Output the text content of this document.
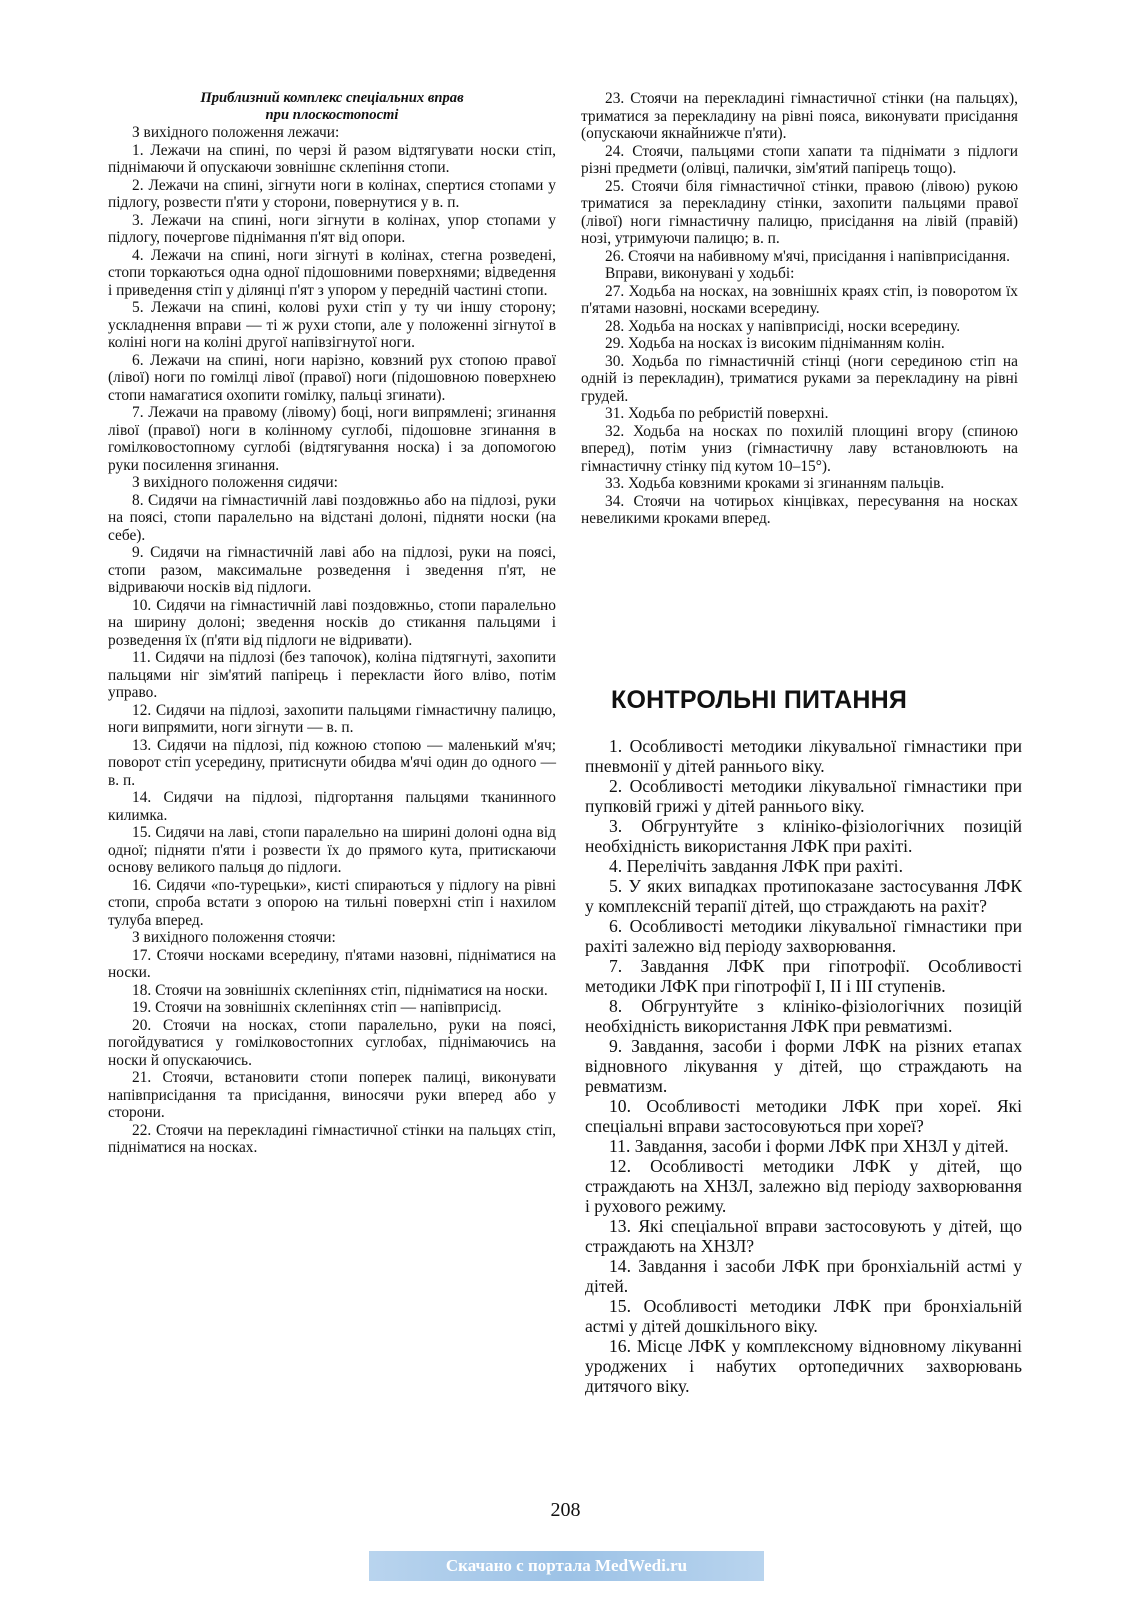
Приблизний комплекс спеціальних вправ

при плоскостопості

З вихідного положення лежачи:

1. Лежачи на спині, по черзі й разом відтягувати носки стіп, піднімаючи й опускаючи зовнішнє склепіння стопи.

2. Лежачи на спині, зігнути ноги в колінах, спертися стопами у підлогу, розвести п'яти у сторони, повернутися у в. п.

3. Лежачи на спині, ноги зігнути в колінах, упор стопами у підлогу, почергове піднімання п'ят від опори.

4. Лежачи на спині, ноги зігнуті в колінах, стегна розведені, стопи торкаються одна одної підошовними поверхнями; відведення і приведення стіп у ділянці п'ят з упором у передній частині стопи.

5. Лежачи на спині, колові рухи стіп у ту чи іншу сторону; ускладнення вправи — ті ж рухи стопи, але у положенні зігнутої в коліні ноги на коліні другої напівзігнутої ноги.

6. Лежачи на спині, ноги нарізно, ковзний рух стопою правої (лівої) ноги по гомілці лівої (правої) ноги (підошовною поверхнею стопи намагатися охопити гомілку, пальці згинати).

7. Лежачи на правому (лівому) боці, ноги випрямлені; згинання лівої (правої) ноги в колінному суглобі, підошовне згинання в гомілковостопному суглобі (відтягування носка) і за допомогою руки посилення згинання.

З вихідного положення сидячи:

8. Сидячи на гімнастичній лаві поздовжньо або на підлозі, руки на поясі, стопи паралельно на відстані долоні, підняти носки (на себе).

9. Сидячи на гімнастичній лаві або на підлозі, руки на поясі, стопи разом, максимальне розведення і зведення п'ят, не відриваючи носків від підлоги.

10. Сидячи на гімнастичній лаві поздовжньо, стопи паралельно на ширину долоні; зведення носків до стикання пальцями і розведення їх (п'яти від підлоги не відривати).

11. Сидячи на підлозі (без тапочок), коліна підтягнуті, захопити пальцями ніг зім'ятий папірець і перекласти його вліво, потім управо.

12. Сидячи на підлозі, захопити пальцями гімнастичну палицю, ноги випрямити, ноги зігнути — в. п.

13. Сидячи на підлозі, під кожною стопою — маленький м'яч; поворот стіп усередину, притиснути обидва м'ячі один до одного — в. п.

14. Сидячи на підлозі, підгортання пальцями тканинного килимка.

15. Сидячи на лаві, стопи паралельно на ширині долоні одна від одної; підняти п'яти і розвести їх до прямого кута, притискаючи основу великого пальця до підлоги.

16. Сидячи «по-турецьки», кисті спираються у підлогу на рівні стопи, спроба встати з опорою на тильні поверхні стіп і нахилом тулуба вперед.

З вихідного положення стоячи:

17. Стоячи носками всередину, п'ятами назовні, підніматися на носки.

18. Стоячи на зовнішніх склепіннях стіп, підніматися на носки.

19. Стоячи на зовнішніх склепіннях стіп — напівприсід.

20. Стоячи на носках, стопи паралельно, руки на поясі, погойдуватися у гомілковостопних суглобах, піднімаючись на носки й опускаючись.

21. Стоячи, встановити стопи поперек палиці, виконувати напівприсідання та присідання, виносячи руки вперед або у сторони.

22. Стоячи на перекладині гімнастичної стінки на пальцях стіп, підніматися на носках.

23. Стоячи на перекладині гімнастичної стінки (на пальцях), триматися за перекладину на рівні пояса, виконувати присідання (опускаючи якнайнижче п'яти).

24. Стоячи, пальцями стопи хапати та піднімати з підлоги різні предмети (олівці, палички, зім'ятий папірець тощо).

25. Стоячи біля гімнастичної стінки, правою (лівою) рукою триматися за перекладину стінки, захопити пальцями правої (лівої) ноги гімнастичну палицю, присідання на лівій (правій) нозі, утримуючи палицю; в. п.

26. Стоячи на набивному м'ячі, присідання і напівприсідання.

Вправи, виконувані у ходьбі:

27. Ходьба на носках, на зовнішніх краях стіп, із поворотом їх п'ятами назовні, носками всередину.

28. Ходьба на носках у напівприсіді, носки всередину.

29. Ходьба на носках із високим підніманням колін.

30. Ходьба по гімнастичній стінці (ноги серединою стіп на одній із перекладин), триматися руками за перекладину на рівні грудей.

31. Ходьба по ребристій поверхні.

32. Ходьба на носках по похилій площині вгору (спиною вперед), потім униз (гімнастичну лаву встановлюють на гімнастичну стінку під кутом 10–15°).

33. Ходьба ковзними кроками зі згинанням пальців.

34. Стоячи на чотирьох кінцівках, пересування на носках невеликими кроками вперед.

КОНТРОЛЬНІ ПИТАННЯ

1. Особливості методики лікувальної гімнастики при пневмонії у дітей раннього віку.

2. Особливості методики лікувальної гімнастики при пупковій грижі у дітей раннього віку.

3. Обгрунтуйте з клініко-фізіологічних позицій необхідність використання ЛФК при рахіті.

4. Перелічіть завдання ЛФК при рахіті.

5. У яких випадках протипоказане застосування ЛФК у комплексній терапії дітей, що страждають на рахіт?

6. Особливості методики лікувальної гімнастики при рахіті залежно від періоду захворювання.

7. Завдання ЛФК при гіпотрофії. Особливості методики ЛФК при гіпотрофії І, ІІ і ІІІ ступенів.

8. Обгрунтуйте з клініко-фізіологічних позицій необхідність використання ЛФК при ревматизмі.

9. Завдання, засоби і форми ЛФК на різних етапах відновного лікування у дітей, що страждають на ревматизм.

10. Особливості методики ЛФК при хореї. Які спеціальні вправи застосовуються при хореї?

11. Завдання, засоби і форми ЛФК при ХНЗЛ у дітей.

12. Особливості методики ЛФК у дітей, що страждають на ХНЗЛ, залежно від періоду захворювання і рухового режиму.

13. Які спеціальної вправи застосовують у дітей, що страждають на ХНЗЛ?

14. Завдання і засоби ЛФК при бронхіальній астмі у дітей.

15. Особливості методики ЛФК при бронхіальній астмі у дітей дошкільного віку.

16. Місце ЛФК у комплексному відновному лікуванні уроджених і набутих ортопедичних захворювань дитячого віку.

208
Скачано с портала MedWedi.ru
